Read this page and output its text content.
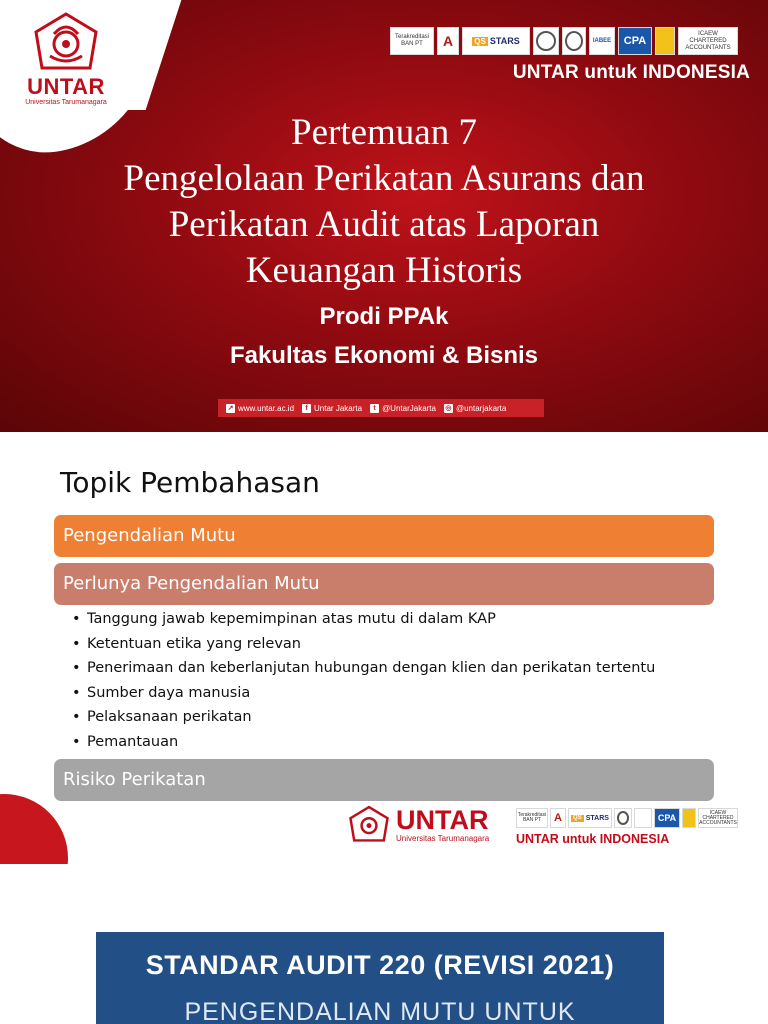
UNTAR
Universitas Tarumanagara
Terakreditasi BAN PT	A	QS STARS	IABEE	CPA
ICAEW CHARTERED ACCOUNTANTS
UNTAR untuk INDONESIA
Pertemuan 7
Pengelolaan Perikatan Asurans dan
Perikatan Audit atas Laporan
Keuangan Historis
Prodi PPAk
Fakultas Ekonomi & Bisnis
↗ www.untar.ac.id	f Untar Jakarta	t @UntarJakarta ◎ @untarjakarta
Topik Pembahasan
Pengendalian Mutu
Perlunya Pengendalian Mutu
• Tanggung jawab kepemimpinan atas mutu di dalam KAP
• Ketentuan etika yang relevan
• Penerimaan dan keberlanjutan hubungan dengan klien dan perikatan tertentu
• Sumber daya manusia
• Pelaksanaan perikatan
• Pemantauan
Risiko Perikatan
UNTAR
Universitas Tarumanagara
Terakreditasi BAN PT	A	QS STARS	CPA	ICAEW CHARTERED ACCOUNTANTS
UNTAR untuk INDONESIA
STANDAR AUDIT 220 (REVISI 2021)
PENGENDALIAN MUTU UNTUK
